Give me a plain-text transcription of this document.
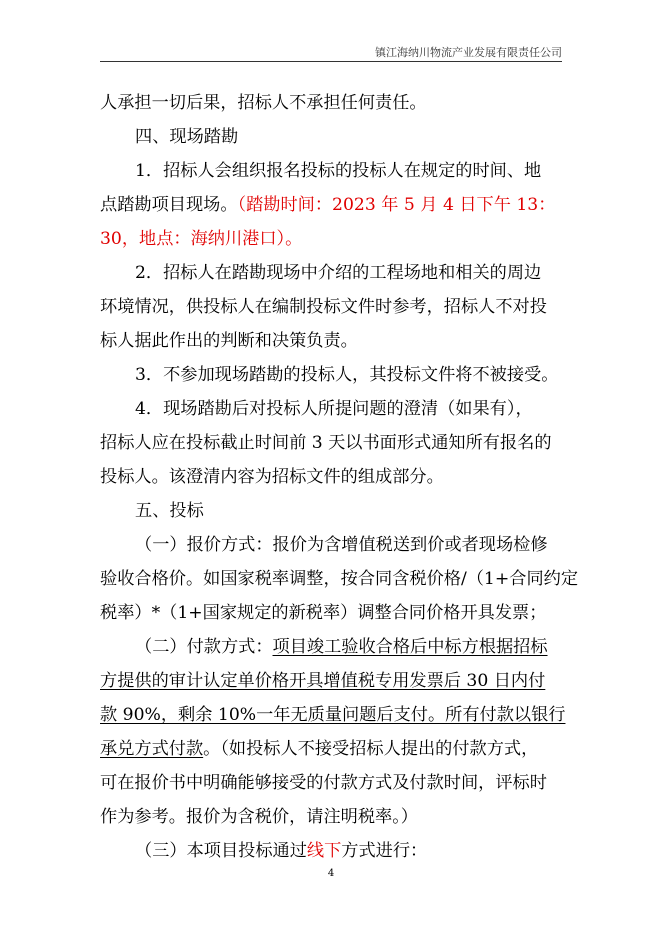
镇江海纳川物流产业发展有限责任公司
人承担一切后果，招标人不承担任何责任。
四、现场踏勘
1．招标人会组织报名投标的投标人在规定的时间、地
点踏勘项目现场。（踏勘时间：2023 年 5 月 4 日下午 13：
30，地点：海纳川港口）。
2．招标人在踏勘现场中介绍的工程场地和相关的周边
环境情况，供投标人在编制投标文件时参考，招标人不对投
标人据此作出的判断和决策负责。
3．不参加现场踏勘的投标人，其投标文件将不被接受。
4．现场踏勘后对投标人所提问题的澄清（如果有），
招标人应在投标截止时间前 3 天以书面形式通知所有报名的
投标人。该澄清内容为招标文件的组成部分。
五、投标
（一）报价方式：报价为含增值税送到价或者现场检修
验收合格价。如国家税率调整，按合同含税价格/（1+合同约定
税率）*（1+国家规定的新税率）调整合同价格开具发票；
（二）付款方式：项目竣工验收合格后中标方根据招标
方提供的审计认定单价格开具增值税专用发票后 30 日内付
款 90%，剩余 10%一年无质量问题后支付。所有付款以银行
承兑方式付款。（如投标人不接受招标人提出的付款方式，
可在报价书中明确能够接受的付款方式及付款时间，评标时
作为参考。报价为含税价，请注明税率。）
（三）本项目投标通过线下方式进行：
4
